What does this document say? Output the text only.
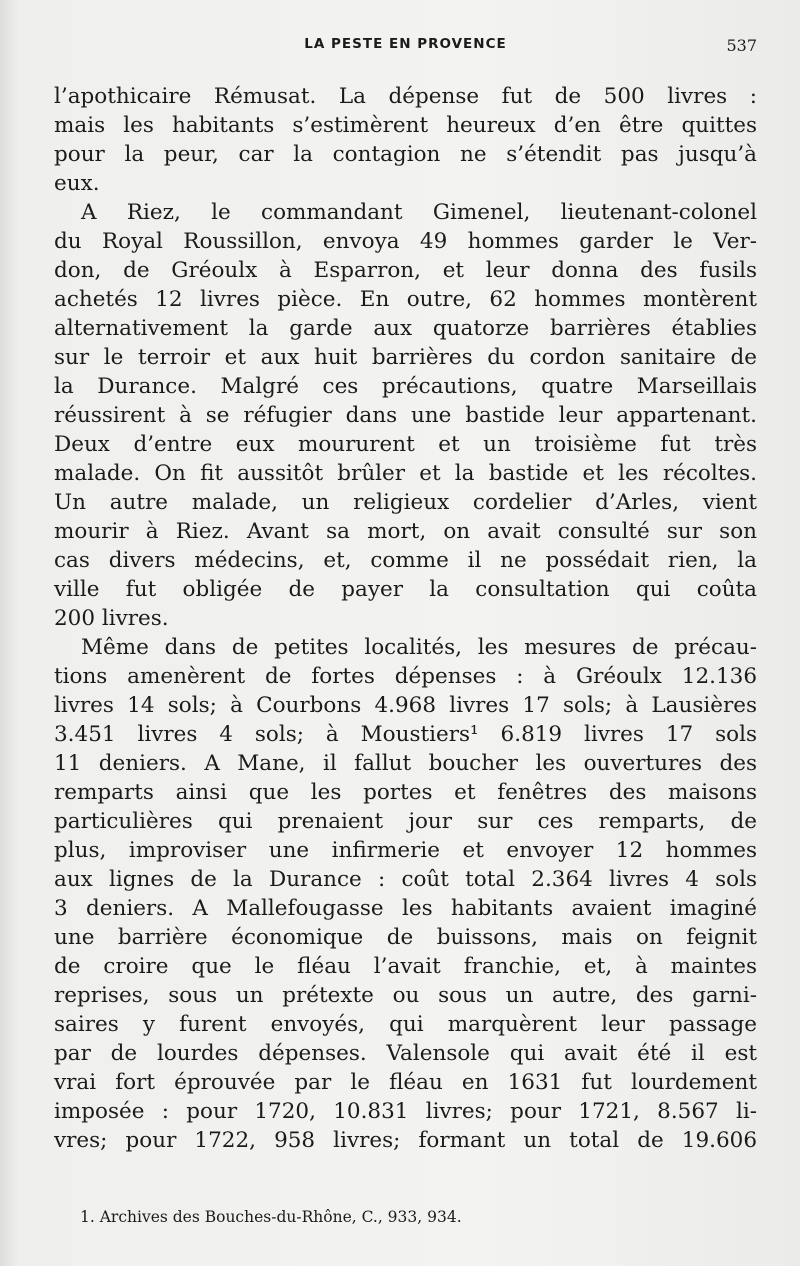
LA PESTE EN PROVENCE	537
l’apothicaire Rémusat. La dépense fut de 500 livres :
mais les habitants s’estimèrent heureux d’en être quittes
pour la peur, car la contagion ne s’étendit pas jusqu’à
eux.
A Riez, le commandant Gimenel, lieutenant-colonel
du Royal Roussillon, envoya 49 hommes garder le Ver-
don, de Gréoulx à Esparron, et leur donna des fusils
achetés 12 livres pièce. En outre, 62 hommes montèrent
alternativement la garde aux quatorze barrières établies
sur le terroir et aux huit barrières du cordon sanitaire de
la Durance. Malgré ces précautions, quatre Marseillais
réussirent à se réfugier dans une bastide leur appartenant.
Deux d’entre eux moururent et un troisième fut très
malade. On fit aussitôt brûler et la bastide et les récoltes.
Un autre malade, un religieux cordelier d’Arles, vient
mourir à Riez. Avant sa mort, on avait consulté sur son
cas divers médecins, et, comme il ne possédait rien, la
ville fut obligée de payer la consultation qui coûta
200 livres.
Même dans de petites localités, les mesures de précau-
tions amenèrent de fortes dépenses : à Gréoulx 12.136
livres 14 sols; à Courbons 4.968 livres 17 sols; à Lausières
3.451 livres 4 sols; à Moustiers¹ 6.819 livres 17 sols
11 deniers. A Mane, il fallut boucher les ouvertures des
remparts ainsi que les portes et fenêtres des maisons
particulières qui prenaient jour sur ces remparts, de
plus, improviser une infirmerie et envoyer 12 hommes
aux lignes de la Durance : coût total 2.364 livres 4 sols
3 deniers. A Mallefougasse les habitants avaient imaginé
une barrière économique de buissons, mais on feignit
de croire que le fléau l’avait franchie, et, à maintes
reprises, sous un prétexte ou sous un autre, des garni-
saires y furent envoyés, qui marquèrent leur passage
par de lourdes dépenses. Valensole qui avait été il est
vrai fort éprouvée par le fléau en 1631 fut lourdement
imposée : pour 1720, 10.831 livres; pour 1721, 8.567 li-
vres; pour 1722, 958 livres; formant un total de 19.606
1. Archives des Bouches-du-Rhône, C., 933, 934.
